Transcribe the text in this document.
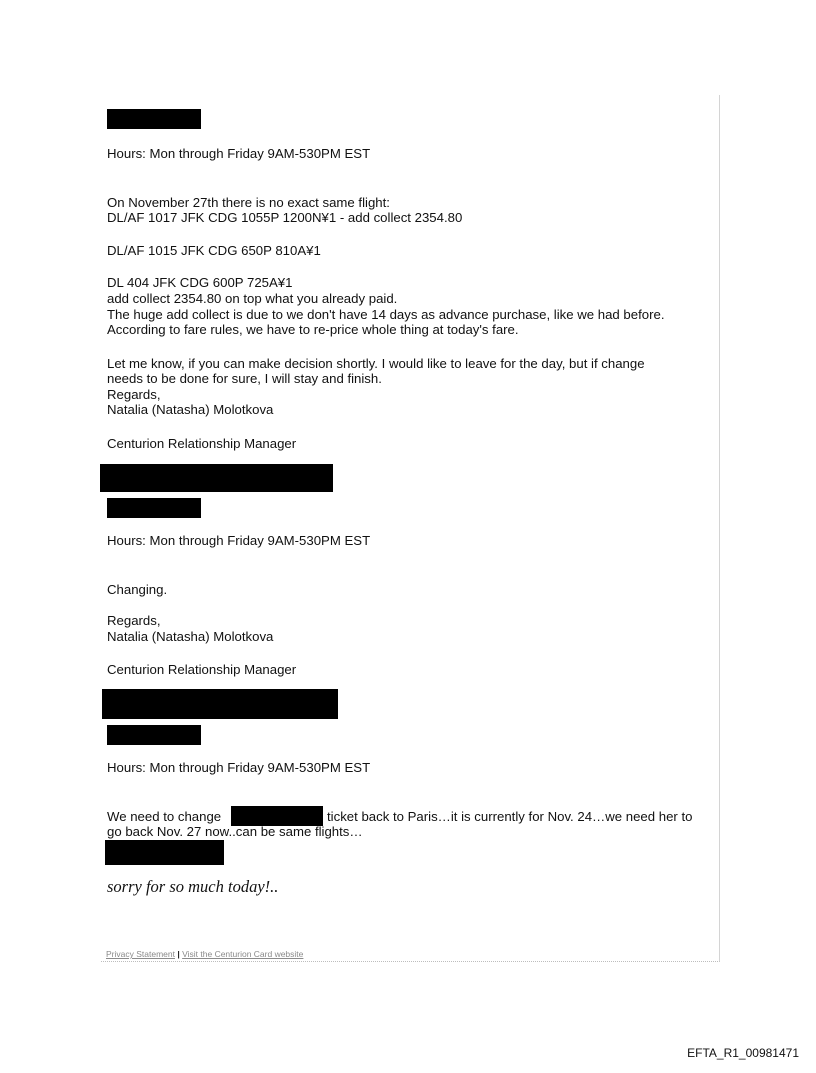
Hours: Mon through Friday 9AM-530PM EST
On November 27th there is no exact same flight:
DL/AF 1017 JFK CDG 1055P 1200N¥1 - add collect 2354.80
DL/AF 1015 JFK CDG 650P 810A¥1
DL 404 JFK CDG 600P 725A¥1
add collect 2354.80 on top what you already paid.
The huge add collect is due to we don't have 14 days as advance purchase, like we had before.
According to fare rules, we have to re-price whole thing at today's fare.
Let me know, if you can make decision shortly. I would like to leave for the day, but if change
needs to be done for sure, I will stay and finish.
Regards,
Natalia (Natasha) Molotkova
Centurion Relationship Manager
Hours: Mon through Friday 9AM-530PM EST
Changing.
Regards,
Natalia (Natasha) Molotkova
Centurion Relationship Manager
Hours: Mon through Friday 9AM-530PM EST
We need to change	ticket back to Paris…it is currently for Nov. 24…we need her to
go back Nov. 27 now..can be same flights…
sorry for so much today!..
Privacy Statement | Visit the Centurion Card website
EFTA_R1_00981471
